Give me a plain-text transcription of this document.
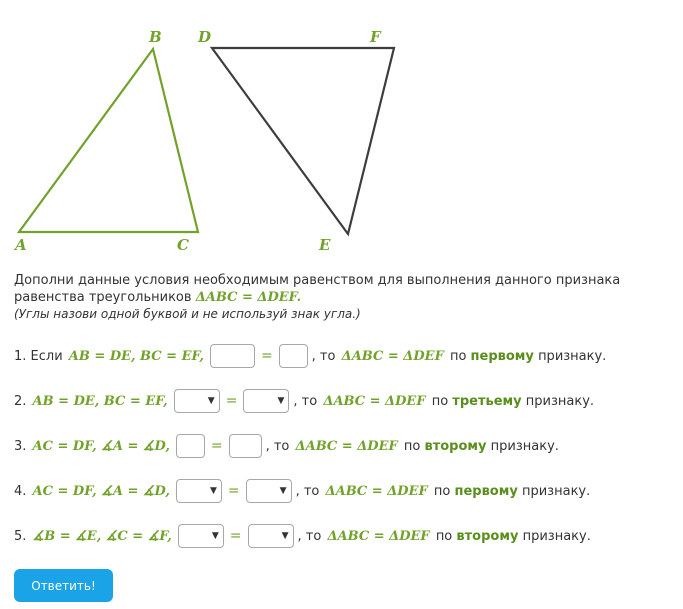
A
B
C
D
E
F
Дополни данные условия необходимым равенством для выполнения данного признака равенства треугольников ΔABC = ΔDEF.
(Углы назови одной буквой и не используй знак угла.)
1. Если
AB = DE, BC = EF,	=	, то
ΔABC = ΔDEF
по
первому
признаку.
2.
AB = DE, BC = EF,	▼ =	▼ , то
ΔABC = ΔDEF
по
третьему
признаку.
3.
AC = DF, ∡A = ∡D,	=	, то
ΔABC = ΔDEF
по
второму
признаку.
4.
AC = DF, ∡A = ∡D,	▼ =	▼ , то
ΔABC = ΔDEF
по
первому
признаку.
5.
∡B = ∡E, ∡C = ∡F,	▼ =	▼ , то
ΔABC = ΔDEF
по
второму
признаку.
Ответить!
